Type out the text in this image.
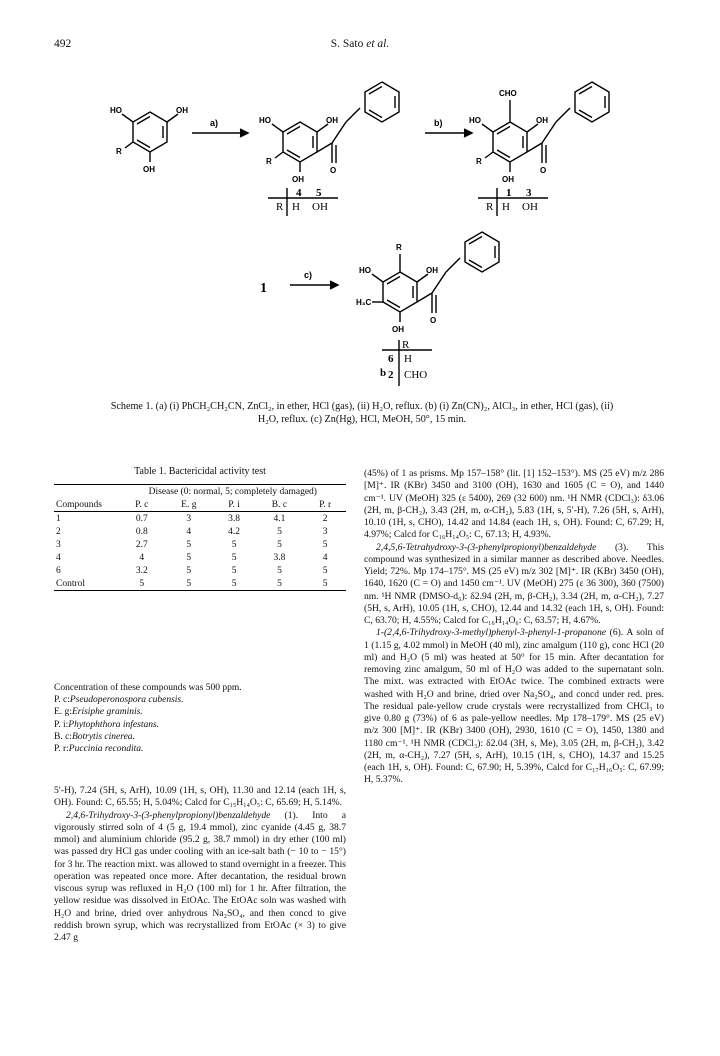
492	S. Sato et al.
HO	OH
R
OH
a)	HO	OH
R
OH
O
b)
CHO
HO	OH
R
OH
O
R
HO	OH
H₃C
OH
O
1
c)
4 5
R H OH
1 3
R H OH
R
b
6 H
2 CHO
Scheme 1. (a) (i) PhCH₂CH₂CN, ZnCl₂, in ether, HCl (gas), (ii) H₂O, reflux. (b) (i) Zn(CN)₂, AlCl₃, in ether, HCl (gas), (ii) H₂O, reflux. (c) Zn(Hg), HCl, MeOH, 50°, 15 min.
Table 1. Bactericidal activity test
	Disease (0: normal, 5; completely damaged)				
Compounds	P. c	E. g	P. i	B. c	P. r
1	0.7	3	3.8	4.1	2
2	0.8	4	4.2	5	3
3	2.7	5	5	5	5
4	4	5	5	3.8	4
6	3.2	5	5	5	5
Control	5	5	5	5	5

Concentration of these compounds was 500 ppm.

P. c:Pseudoperonospora cubensis.

E. g:Erisiphe graminis.

P. i:Phytophthora infestans.

B. c:Botrytis cinerea.

P. r:Puccinia recondita.

5′-H), 7.24 (5H, s, ArH), 10.09 (1H, s, OH), 11.30 and 12.14 (each 1H, s, OH). Found: C, 65.55; H, 5.04%; Calcd for C₁₅H₁₄O₅: C, 65.69; H, 5.14%.

2,4,6-Trihydroxy-3-(3-phenylpropionyl)benzaldehyde (1). Into a vigorously stirred soln of 4 (5 g, 19.4 mmol), zinc cyanide (4.45 g, 38.7 mmol) and aluminium chloride (95.2 g, 38.7 mmol) in dry ether (100 ml) was passed dry HCl gas under cooling with an ice-salt bath (− 10 to − 15°) for 3 hr. The reaction mixt. was allowed to stand overnight in a freezer. This operation was repeated once more. After decantation, the residual brown viscous syrup was refluxed in H₂O (100 ml) for 1 hr. After filtration, the yellow residue was dissolved in EtOAc. The EtOAc soln was washed with H₂O and brine, dried over anhydrous Na₂SO₄, and then concd to give reddish brown syrup, which was recrystallized from EtOAc (× 3) to give 2.47 g

(45%) of 1 as prisms. Mp 157–158° (lit. [1] 152–153°). MS (25 eV) m/z 286 [M]⁺. IR (KBr) 3450 and 3100 (OH), 1630 and 1605 (C = O), and 1440 cm⁻¹. UV (MeOH) 325 (ε 5400), 269 (32 600) nm. ¹H NMR (CDCl₃): δ3.06 (2H, m, β-CH₂), 3.43 (2H, m, α-CH₂), 5.83 (1H, s, 5′-H), 7.26 (5H, s, ArH), 10.10 (1H, s, CHO), 14.42 and 14.84 (each 1H, s, OH). Found: C, 67.29; H, 4.97%; Calcd for C₁₆H₁₄O₅: C, 67.13; H, 4.93%.

2,4,5,6-Tetrahydroxy-3-(3-phenylpropionyl)benzaldehyde (3). This compound was synthesized in a similar manner as described above. Needles. Yield; 72%. Mp 174–175°. MS (25 eV) m/z 302 [M]⁺. IR (KBr) 3450 (OH), 1640, 1620 (C = O) and 1450 cm⁻¹. UV (MeOH) 275 (ε 36 300), 360 (7500) nm. ¹H NMR (DMSO-d₆): δ2.94 (2H, m, β-CH₂), 3.34 (2H, m, α-CH₂), 7.27 (5H, s, ArH), 10.05 (1H, s, CHO), 12.44 and 14.32 (each 1H, s, OH). Found: C, 63.70; H, 4.55%; Calcd for C₁₆H₁₄O₆: C, 63.57; H, 4.67%.

1-(2,4,6-Trihydroxy-3-methyl)phenyl-3-phenyl-1-propanone (6). A soln of 1 (1.15 g, 4.02 mmol) in MeOH (40 ml), zinc amalgum (110 g), conc HCl (20 ml) and H₂O (5 ml) was heated at 50° for 15 min. After decantation for removing zinc amalgum, 50 ml of H₂O was added to the supernatant soln. The mixt. was extracted with EtOAc twice. The combined extracts were washed with H₂O and brine, dried over Na₂SO₄, and concd under red. pres. The residual pale-yellow crude crystals were recrystallized from CHCl₃ to give 0.80 g (73%) of 6 as pale-yellow needles. Mp 178–179°. MS (25 eV) m/z 300 [M]⁺. IR (KBr) 3400 (OH), 2930, 1610 (C = O), 1450, 1380 and 1180 cm⁻¹. ¹H NMR (CDCl₃): δ2.04 (3H, s, Me), 3.05 (2H, m, β-CH₂), 3.42 (2H, m, α-CH₂), 7.27 (5H, s, ArH), 10.15 (1H, s, CHO), 14.37 and 15.25 (each 1H, s, OH). Found: C, 67.90; H, 5.39%, Calcd for C₁₇H₁₆O₅: C, 67.99; H, 5.37%.
